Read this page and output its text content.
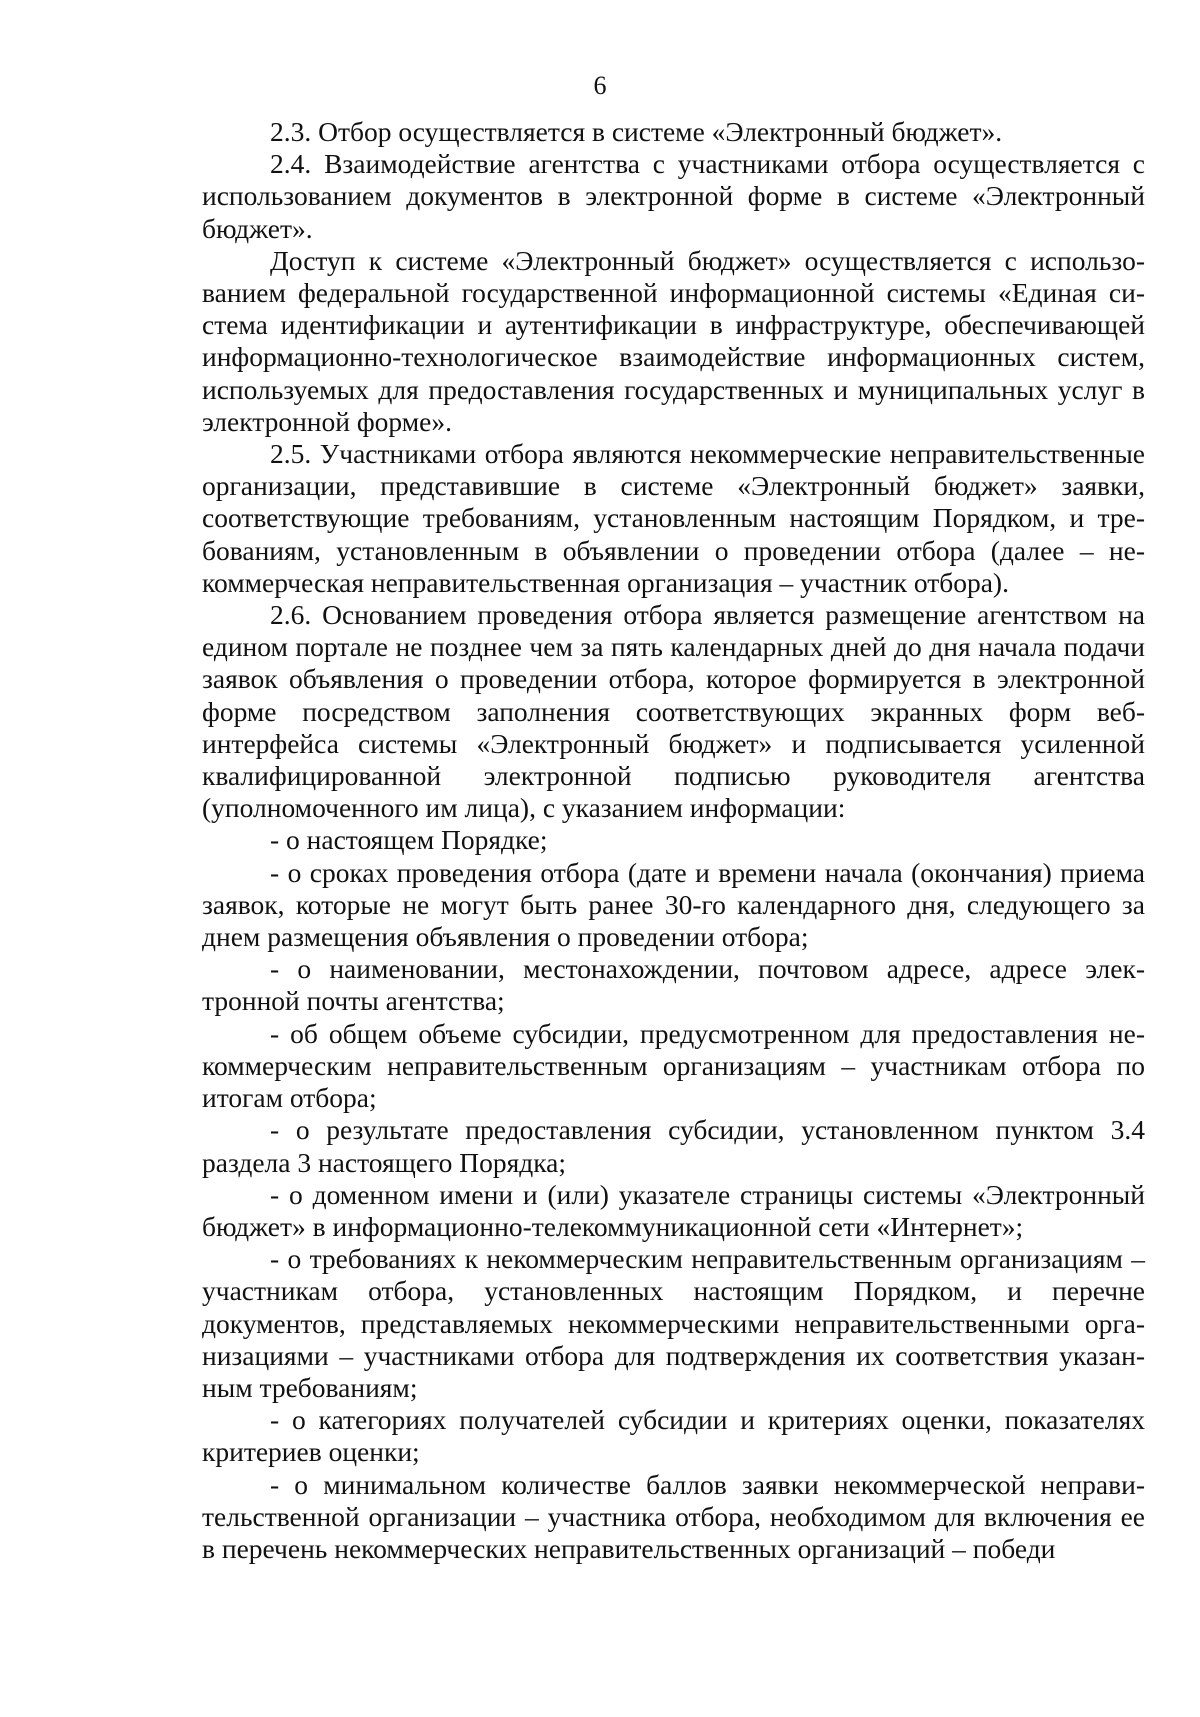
6

2.3. Отбор осуществляется в системе «Электронный бюджет».

2.4. Взаимодействие агентства с участниками отбора осуществляется с использованием документов в электронной форме в системе «Электронный бюджет».

Доступ к системе «Электронный бюджет» осуществляется с использованием федеральной государственной информационной системы «Единая система идентификации и аутентификации в инфраструктуре, обеспечивающей информационно-технологическое взаимодействие информационных систем, используемых для предоставления государственных и муниципальных услуг в электронной форме».

2.5. Участниками отбора являются некоммерческие неправительственные организации, представившие в системе «Электронный бюджет» заявки, соответствующие требованиям, установленным настоящим Порядком, и требованиям, установленным в объявлении о проведении отбора (далее – некоммерческая неправительственная организация – участник отбора).

2.6. Основанием проведения отбора является размещение агентством на едином портале не позднее чем за пять календарных дней до дня начала подачи заявок объявления о проведении отбора, которое формируется в электронной форме посредством заполнения соответствующих экранных форм веб-интерфейса системы «Электронный бюджет» и подписывается усиленной квалифицированной электронной подписью руководителя агентства (уполномоченного им лица), с указанием информации:

- о настоящем Порядке;

- о сроках проведения отбора (дате и времени начала (окончания) приема заявок, которые не могут быть ранее 30-го календарного дня, следующего за днем размещения объявления о проведении отбора;

- о наименовании, местонахождении, почтовом адресе, адресе электронной почты агентства;

- об общем объеме субсидии, предусмотренном для предоставления некоммерческим неправительственным организациям – участникам отбора по итогам отбора;

- о результате предоставления субсидии, установленном пунктом 3.4 раздела 3 настоящего Порядка;

- о доменном имени и (или) указателе страницы системы «Электронный бюджет» в информационно-телекоммуникационной сети «Интернет»;

- о требованиях к некоммерческим неправительственным организациям – участникам отбора, установленных настоящим Порядком, и перечне документов, представляемых некоммерческими неправительственными организациями – участниками отбора для подтверждения их соответствия указанным требованиям;

- о категориях получателей субсидии и критериях оценки, показателях критериев оценки;

- о минимальном количестве баллов заявки некоммерческой неправительственной организации – участника отбора, необходимом для включения ее в перечень некоммерческих неправительственных организаций – победи
